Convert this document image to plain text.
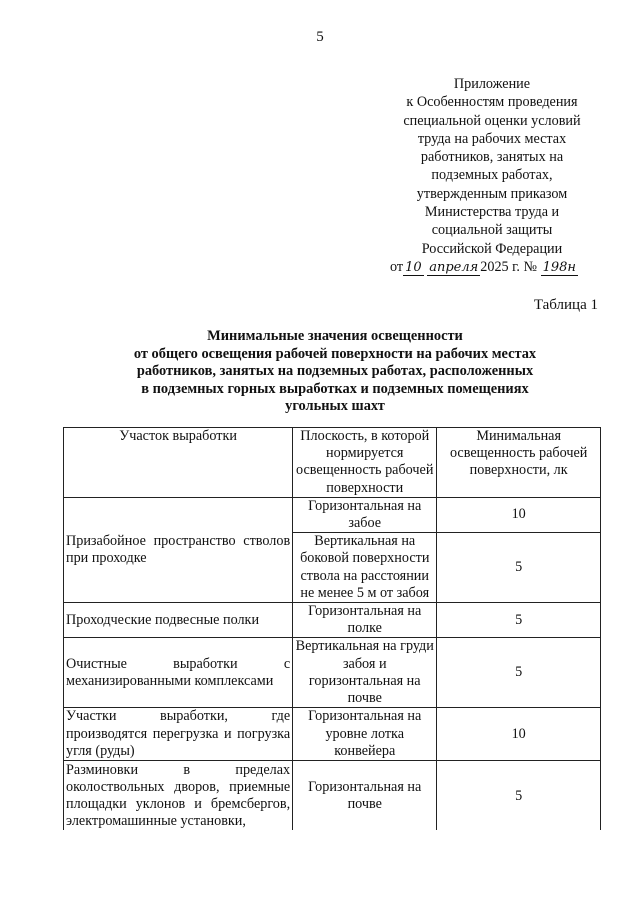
5
Приложение
к Особенностям проведения
специальной оценки условий
труда на рабочих местах
работников, занятых на
подземных работах,
утвержденным приказом
Министерства труда и
социальной защиты
Российской Федерации
от 10 апреля 2025 г. № 198н
Таблица 1
Минимальные значения освещенности
от общего освещения рабочей поверхности на рабочих местах
работников, занятых на подземных работах, расположенных
в подземных горных выработках и подземных помещениях
угольных шахт
Участок выработки	Плоскость, в которой нормируется освещенность рабочей поверхности	Минимальная освещенность рабочей поверхности, лк
Призабойное пространство стволов при проходке	Горизонтальная на забое	10
	Вертикальная на боковой поверхности ствола на расстоянии не менее 5 м от забоя	5
Проходческие подвесные полки	Горизонтальная на полке	5
Очистные выработки с механизированными комплексами	Вертикальная на груди забоя и горизонтальная на почве	5
Участки выработки, где производятся перегрузка и погрузка угля (руды)	Горизонтальная на уровне лотка конвейера	10
Разминовки в пределах околоствольных дворов, приемные площадки уклонов и бремсбергов, электромашинные установки,	Горизонтальная на почве	5
